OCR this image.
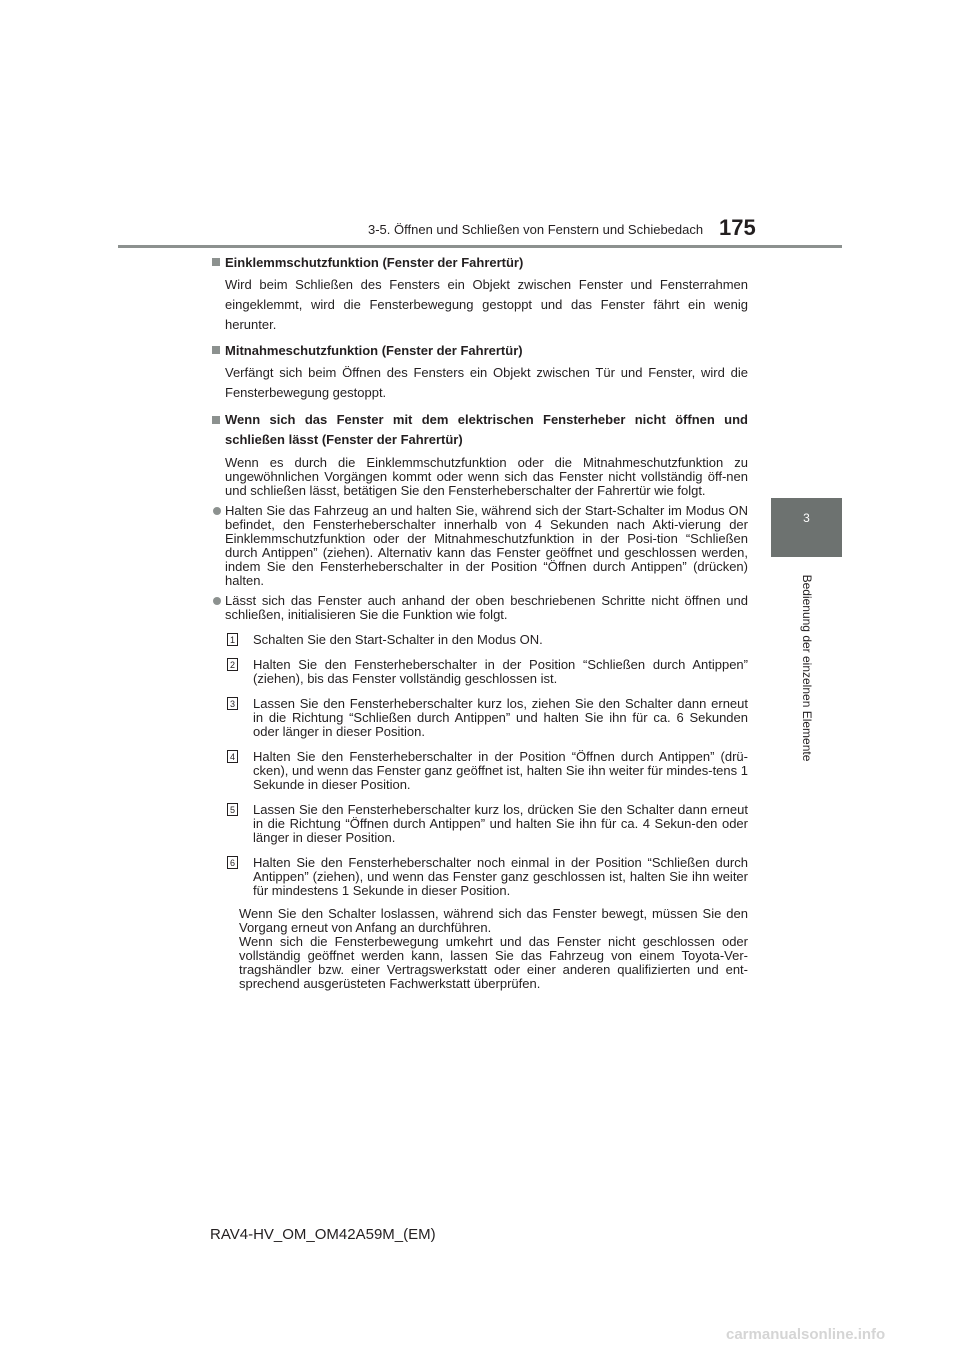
3-5. Öffnen und Schließen von Fenstern und Schiebedach 175
3
Bedienung der einzelnen Elemente
Einklemmschutzfunktion (Fenster der Fahrertür)
Wird beim Schließen des Fensters ein Objekt zwischen Fenster und Fensterrahmen eingeklemmt, wird die Fensterbewegung gestoppt und das Fenster fährt ein wenig herunter.
Mitnahmeschutzfunktion (Fenster der Fahrertür)
Verfängt sich beim Öffnen des Fensters ein Objekt zwischen Tür und Fenster, wird die Fensterbewegung gestoppt.
Wenn sich das Fenster mit dem elektrischen Fensterheber nicht öffnen und schließen lässt (Fenster der Fahrertür)
Wenn es durch die Einklemmschutzfunktion oder die Mitnahmeschutzfunktion zu ungewöhnlichen Vorgängen kommt oder wenn sich das Fenster nicht vollständig öff-nen und schließen lässt, betätigen Sie den Fensterheberschalter der Fahrertür wie folgt.
Halten Sie das Fahrzeug an und halten Sie, während sich der Start-Schalter im Modus ON befindet, den Fensterheberschalter innerhalb von 4 Sekunden nach Akti-vierung der Einklemmschutzfunktion oder der Mitnahmeschutzfunktion in der Posi-tion “Schließen durch Antippen” (ziehen). Alternativ kann das Fenster geöffnet und geschlossen werden, indem Sie den Fensterheberschalter in der Position “Öffnen durch Antippen” (drücken) halten.
Lässt sich das Fenster auch anhand der oben beschriebenen Schritte nicht öffnen und schließen, initialisieren Sie die Funktion wie folgt.
1 Schalten Sie den Start-Schalter in den Modus ON.
2 Halten Sie den Fensterheberschalter in der Position “Schließen durch Antippen” (ziehen), bis das Fenster vollständig geschlossen ist.
3 Lassen Sie den Fensterheberschalter kurz los, ziehen Sie den Schalter dann erneut in die Richtung “Schließen durch Antippen” und halten Sie ihn für ca. 6 Sekunden oder länger in dieser Position.
4 Halten Sie den Fensterheberschalter in der Position “Öffnen durch Antippen” (drü-cken), und wenn das Fenster ganz geöffnet ist, halten Sie ihn weiter für mindes-tens 1 Sekunde in dieser Position.
5 Lassen Sie den Fensterheberschalter kurz los, drücken Sie den Schalter dann erneut in die Richtung “Öffnen durch Antippen” und halten Sie ihn für ca. 4 Sekun-den oder länger in dieser Position.
6 Halten Sie den Fensterheberschalter noch einmal in der Position “Schließen durch Antippen” (ziehen), und wenn das Fenster ganz geschlossen ist, halten Sie ihn weiter für mindestens 1 Sekunde in dieser Position.

Wenn Sie den Schalter loslassen, während sich das Fenster bewegt, müssen Sie den Vorgang erneut von Anfang an durchführen.

Wenn sich die Fensterbewegung umkehrt und das Fenster nicht geschlossen oder vollständig geöffnet werden kann, lassen Sie das Fahrzeug von einem Toyota-Ver-tragshändler bzw. einer Vertragswerkstatt oder einer anderen qualifizierten und ent-sprechend ausgerüsteten Fachwerkstatt überprüfen.

RAV4-HV_OM_OM42A59M_(EM)
carmanualsonline.info
